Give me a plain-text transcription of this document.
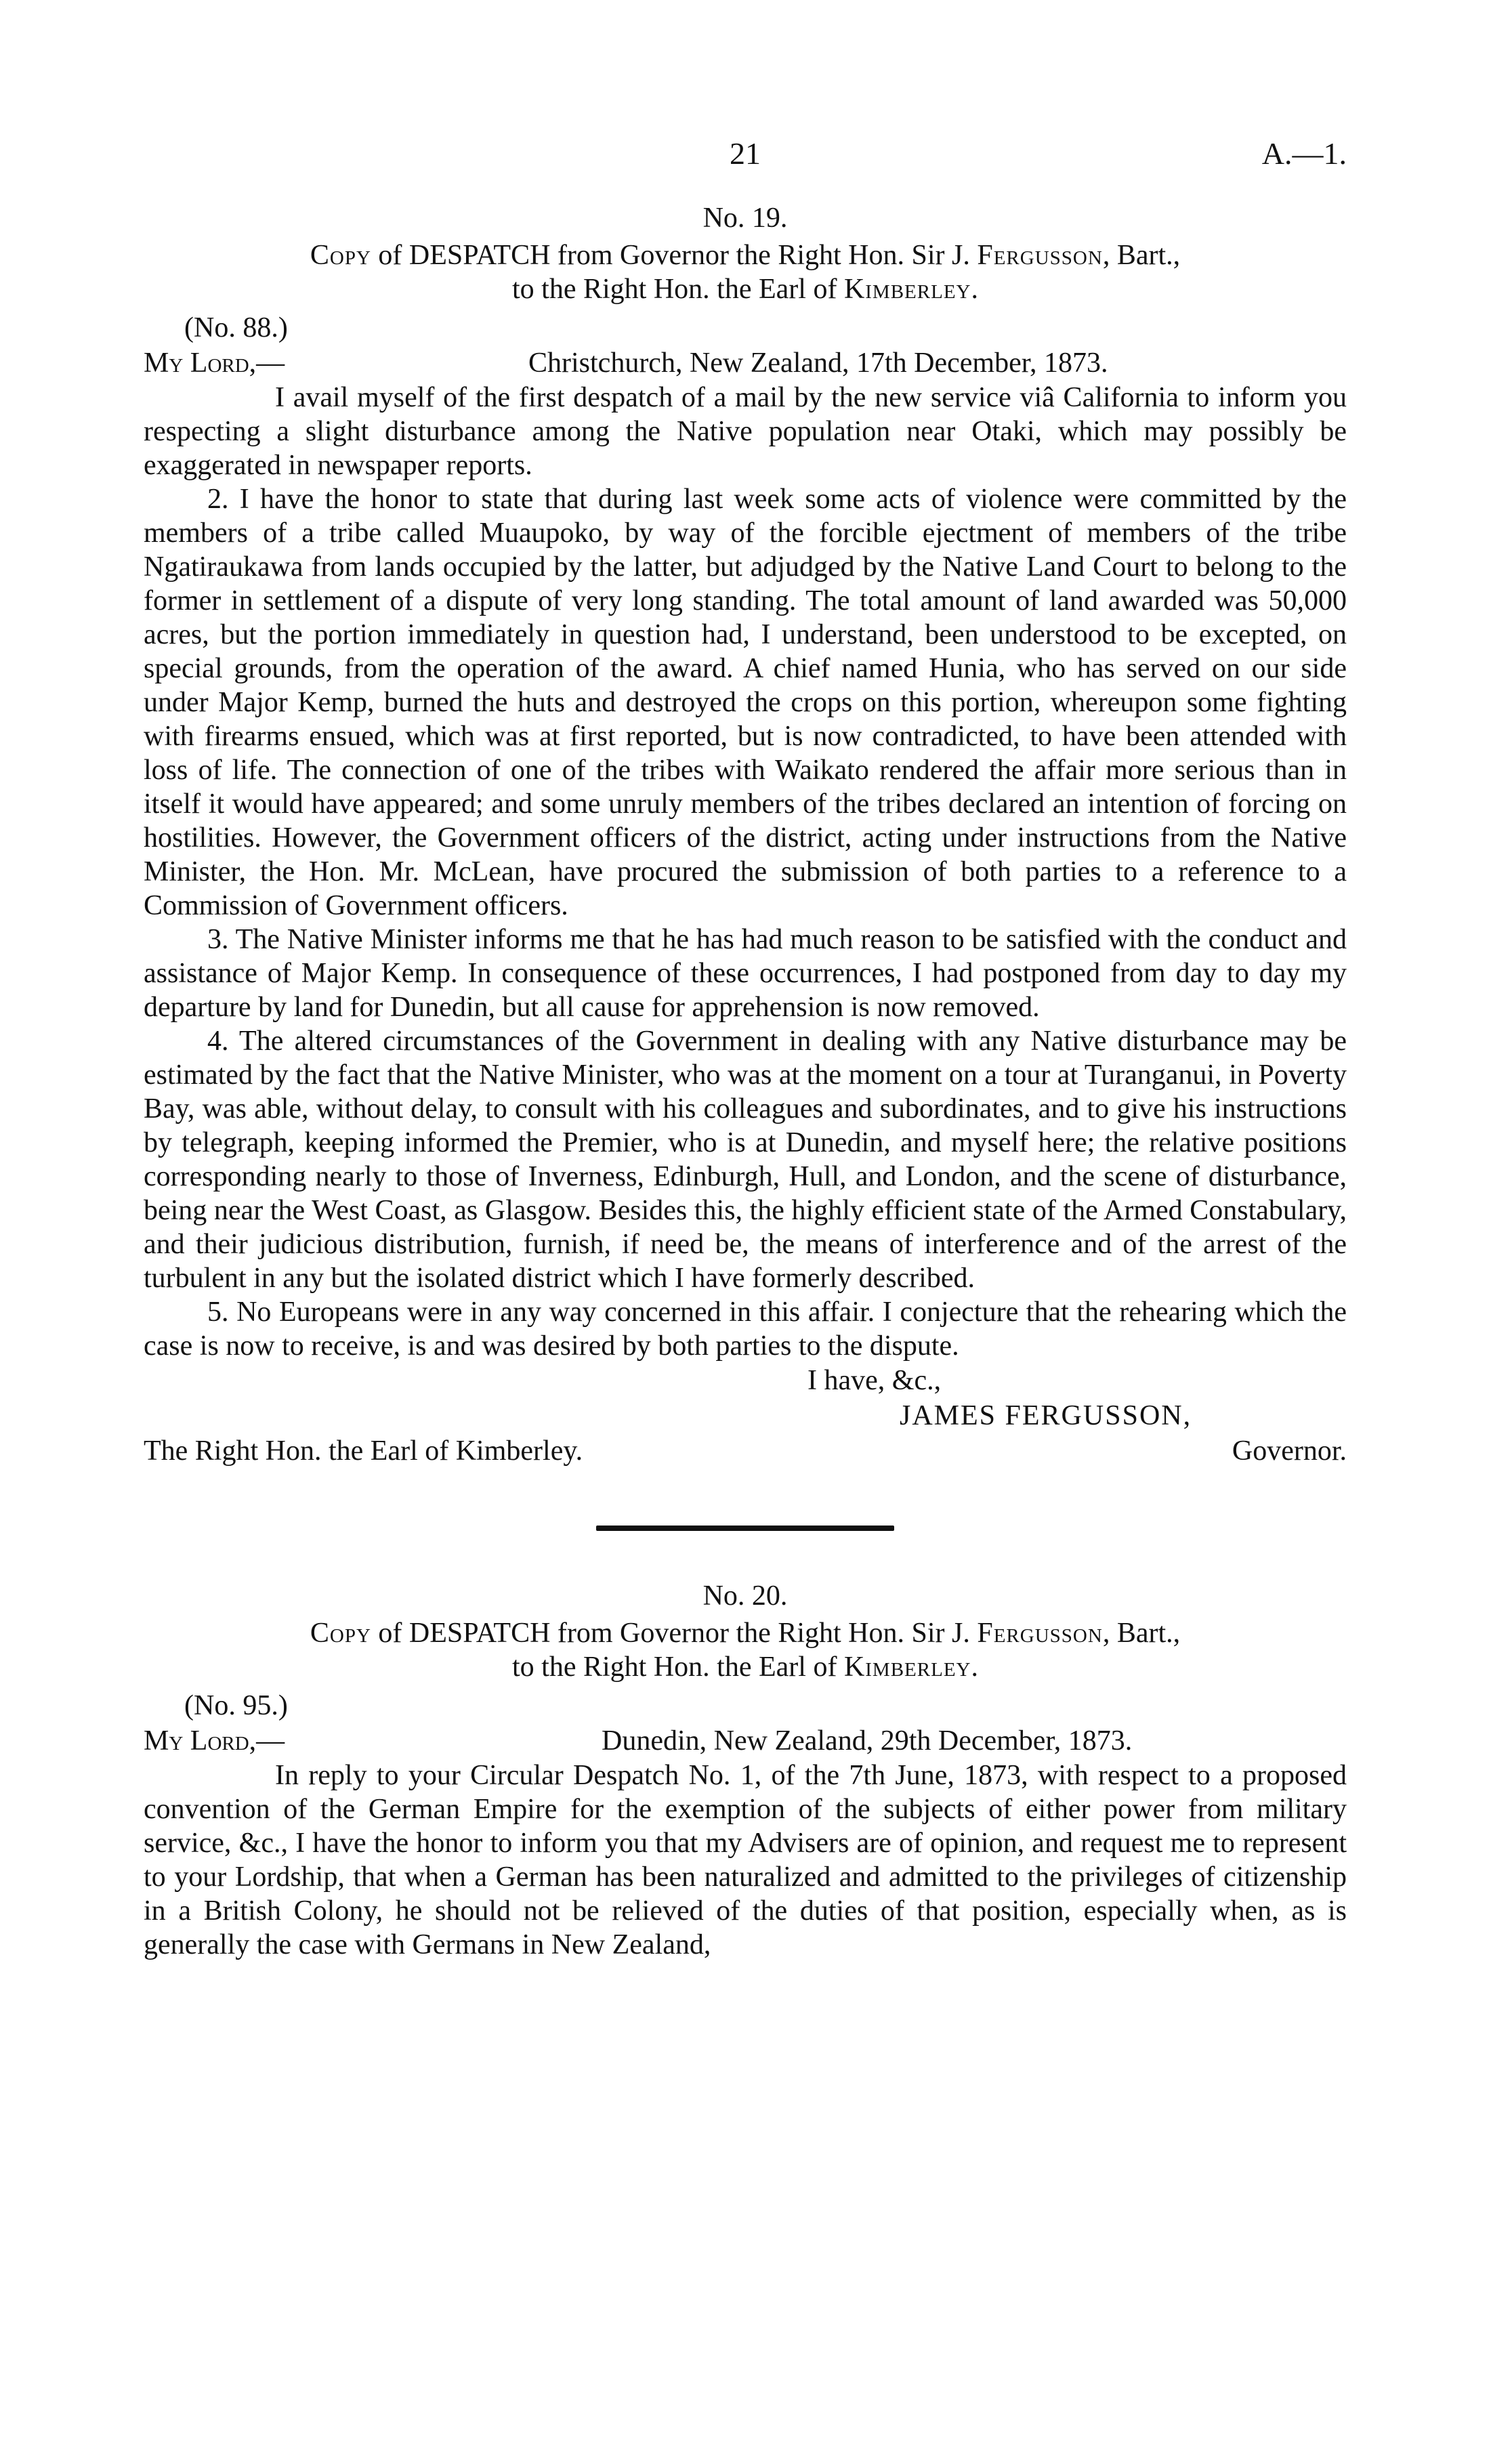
21	A.—1.
No. 19.
Copy of DESPATCH from Governor the Right Hon. Sir J. Fergusson, Bart.,
to the Right Hon. the Earl of Kimberley.
(No. 88.)
My Lord,—	Christchurch, New Zealand, 17th December, 1873.

I avail myself of the first despatch of a mail by the new service viâ California to inform you respecting a slight disturbance among the Native population near Otaki, which may possibly be exaggerated in newspaper reports.

2. I have the honor to state that during last week some acts of violence were committed by the members of a tribe called Muaupoko, by way of the forcible ejectment of members of the tribe Ngatiraukawa from lands occupied by the latter, but adjudged by the Native Land Court to belong to the former in settlement of a dispute of very long standing. The total amount of land awarded was 50,000 acres, but the portion immediately in question had, I understand, been understood to be excepted, on special grounds, from the operation of the award. A chief named Hunia, who has served on our side under Major Kemp, burned the huts and destroyed the crops on this portion, whereupon some fighting with firearms ensued, which was at first reported, but is now contradicted, to have been attended with loss of life. The connection of one of the tribes with Waikato rendered the affair more serious than in itself it would have appeared; and some unruly members of the tribes declared an intention of forcing on hostilities. However, the Government officers of the district, acting under instructions from the Native Minister, the Hon. Mr. McLean, have procured the submission of both parties to a reference to a Commission of Government officers.

3. The Native Minister informs me that he has had much reason to be satisfied with the conduct and assistance of Major Kemp. In consequence of these occurrences, I had postponed from day to day my departure by land for Dunedin, but all cause for apprehension is now removed.

4. The altered circumstances of the Government in dealing with any Native disturbance may be estimated by the fact that the Native Minister, who was at the moment on a tour at Turanganui, in Poverty Bay, was able, without delay, to consult with his colleagues and subordinates, and to give his instructions by telegraph, keeping informed the Premier, who is at Dunedin, and myself here; the relative positions corresponding nearly to those of Inverness, Edinburgh, Hull, and London, and the scene of disturbance, being near the West Coast, as Glasgow. Besides this, the highly efficient state of the Armed Constabulary, and their judicious distribution, furnish, if need be, the means of interference and of the arrest of the turbulent in any but the isolated district which I have formerly described.

5. No Europeans were in any way concerned in this affair. I conjecture that the rehearing which the case is now to receive, is and was desired by both parties to the dispute.

I have, &c.,
JAMES FERGUSSON,
The Right Hon. the Earl of Kimberley.	Governor.
No. 20.
Copy of DESPATCH from Governor the Right Hon. Sir J. Fergusson, Bart.,
to the Right Hon. the Earl of Kimberley.
(No. 95.)
My Lord,—	Dunedin, New Zealand, 29th December, 1873.

In reply to your Circular Despatch No. 1, of the 7th June, 1873, with respect to a proposed convention of the German Empire for the exemption of the subjects of either power from military service, &c., I have the honor to inform you that my Advisers are of opinion, and request me to represent to your Lordship, that when a German has been naturalized and admitted to the privileges of citizenship in a British Colony, he should not be relieved of the duties of that position, especially when, as is generally the case with Germans in New Zealand,
